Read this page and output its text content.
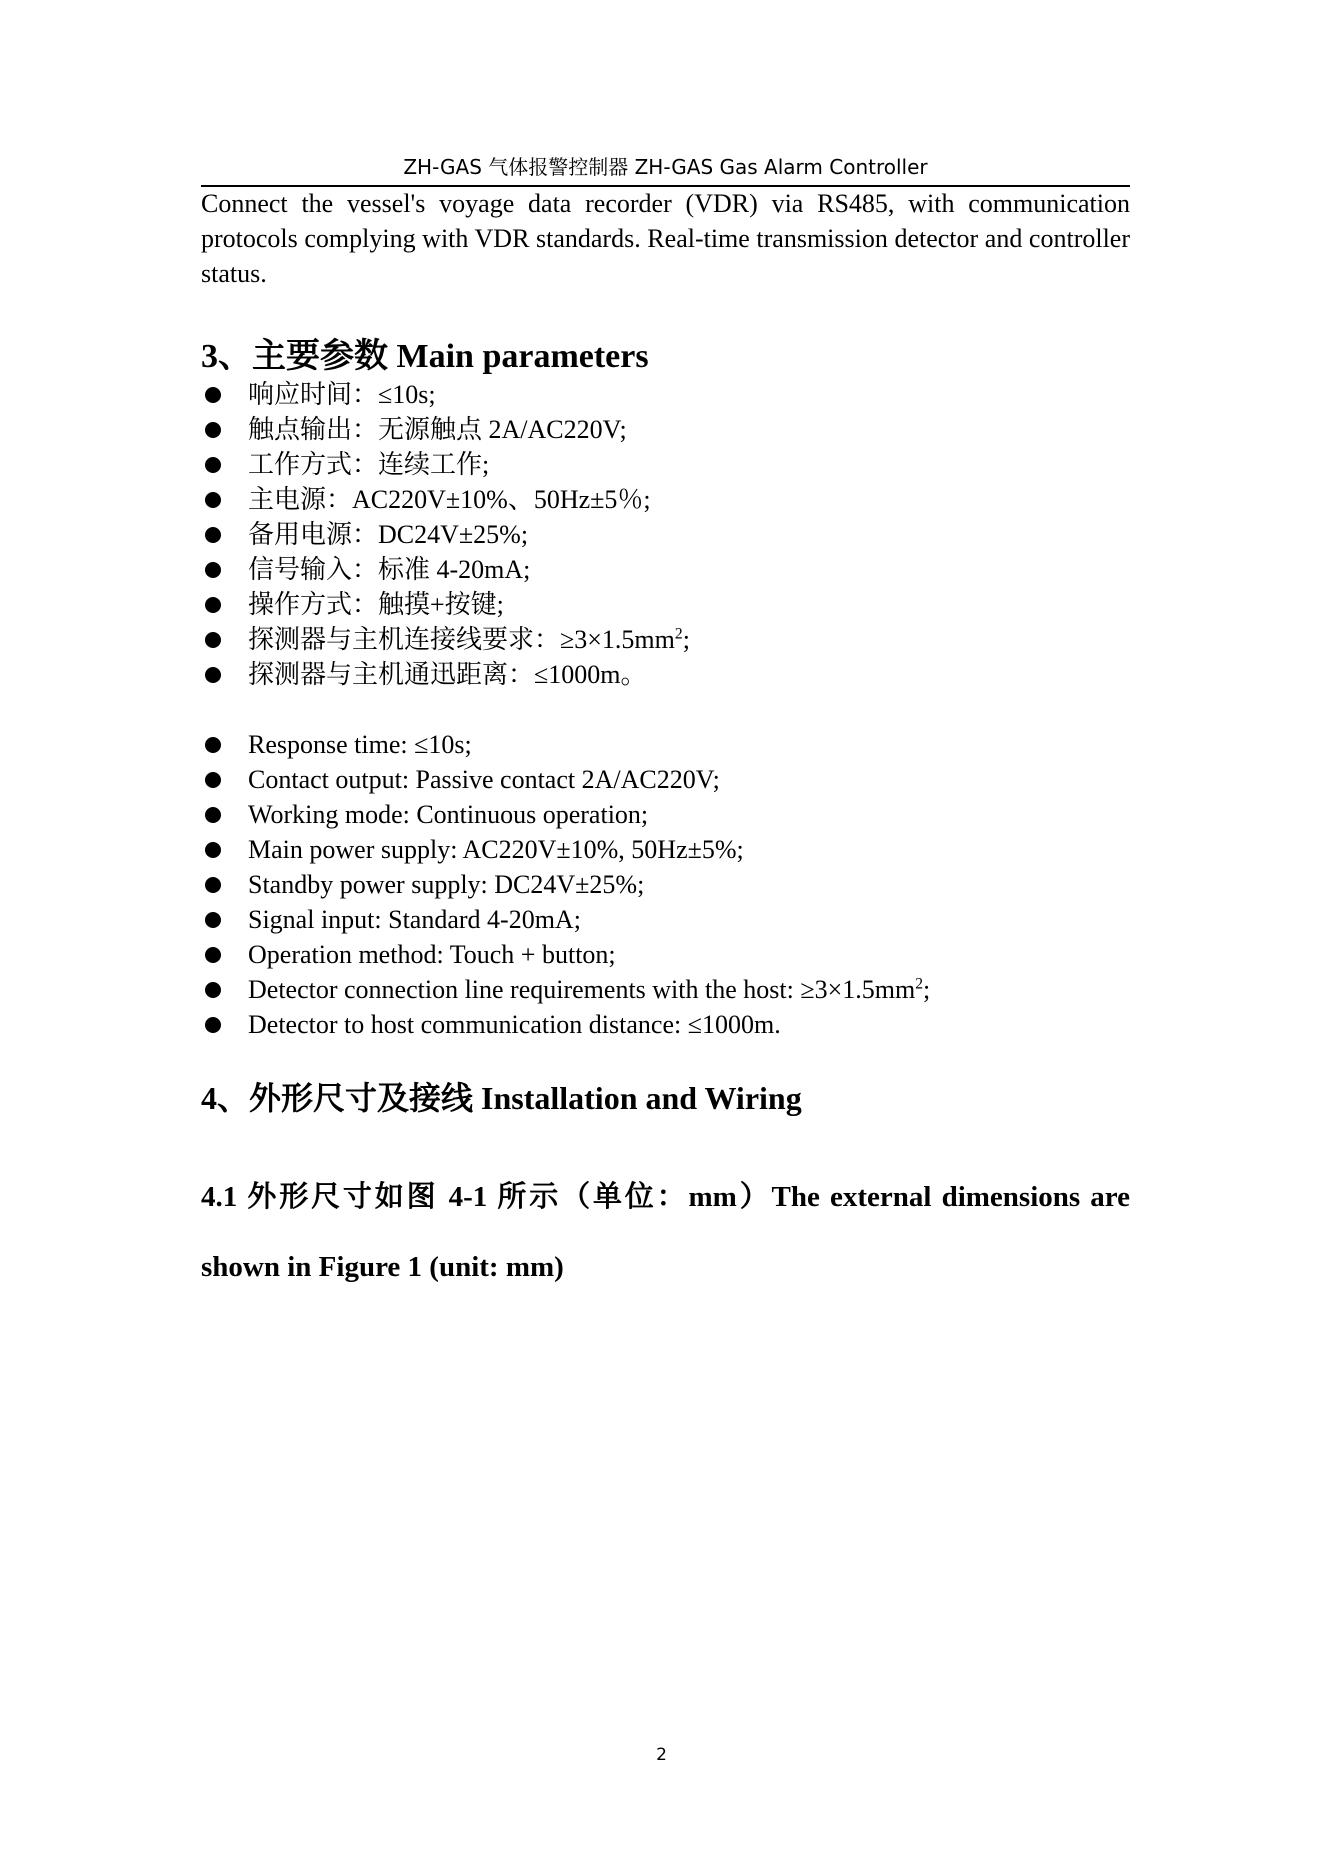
ZH-GAS 气体报警控制器 ZH-GAS Gas Alarm Controller
Connect the vessel's voyage data recorder (VDR) via RS485, with communication protocols complying with VDR standards. Real-time transmission detector and controller status.
3、主要参数 Main parameters
响应时间：≤10s;
触点输出：无源触点 2A/AC220V;
工作方式：连续工作;
主电源：AC220V±10%、50Hz±5％;
备用电源：DC24V±25%;
信号输入：标准 4-20mA;
操作方式：触摸+按键;
探测器与主机连接线要求：$\ge 3\times 1.5mm^2$;
探测器与主机通迅距离：≤1000m。
Response time: ≤10s;
Contact output: Passive contact 2A/AC220V;
Working mode: Continuous operation;
Main power supply: AC220V±10%, 50Hz±5%;
Standby power supply: DC24V±25%;
Signal input: Standard 4-20mA;
Operation method: Touch + button;
Detector connection line requirements with the host: $\ge 3\times 1.5mm^2$;
Detector to host communication distance: ≤1000m.
4、外形尺寸及接线 Installation and Wiring
4.1 外形尺寸如图 4-1 所示（单位：mm）The external dimensions are shown in Figure 1 (unit: mm)
2
